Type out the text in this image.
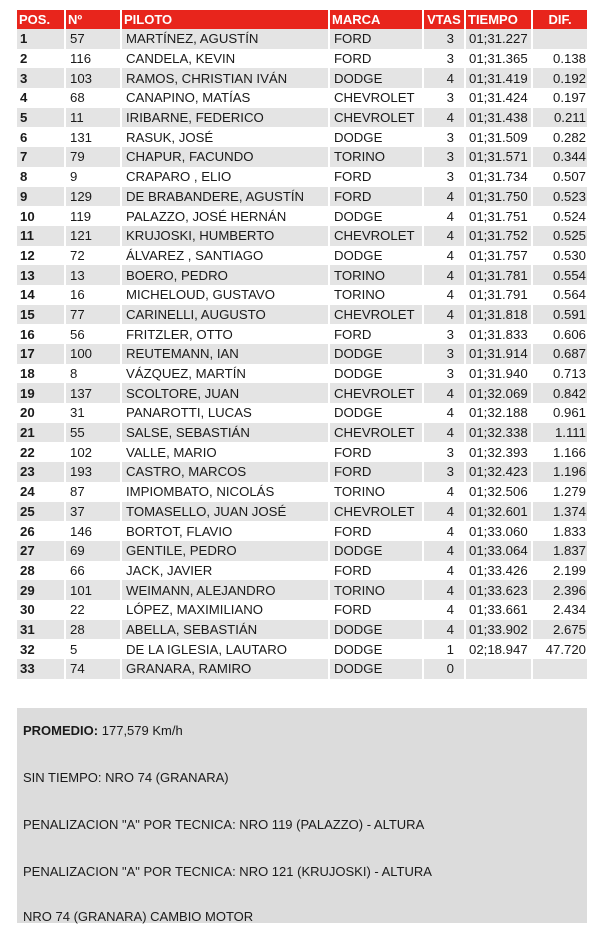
POS.	Nº	PILOTO	MARCA	VTAS	TIEMPO	DIF.
1	57	MARTÍNEZ, AGUSTÍN	FORD	3	01;31.227	
2	116	CANDELA, KEVIN	FORD	3	01;31.365	0.138
3	103	RAMOS, CHRISTIAN IVÁN	DODGE	4	01;31.419	0.192
4	68	CANAPINO, MATÍAS	CHEVROLET	3	01;31.424	0.197
5	11	IRIBARNE, FEDERICO	CHEVROLET	4	01;31.438	0.211
6	131	RASUK, JOSÉ	DODGE	3	01;31.509	0.282
7	79	CHAPUR, FACUNDO	TORINO	3	01;31.571	0.344
8	9	CRAPARO , ELIO	FORD	3	01;31.734	0.507
9	129	DE BRABANDERE, AGUSTÍN	FORD	4	01;31.750	0.523
10	119	PALAZZO, JOSÉ HERNÁN	DODGE	4	01;31.751	0.524
11	121	KRUJOSKI, HUMBERTO	CHEVROLET	4	01;31.752	0.525
12	72	ÁLVAREZ , SANTIAGO	DODGE	4	01;31.757	0.530
13	13	BOERO, PEDRO	TORINO	4	01;31.781	0.554
14	16	MICHELOUD, GUSTAVO	TORINO	4	01;31.791	0.564
15	77	CARINELLI, AUGUSTO	CHEVROLET	4	01;31.818	0.591
16	56	FRITZLER, OTTO	FORD	3	01;31.833	0.606
17	100	REUTEMANN, IAN	DODGE	3	01;31.914	0.687
18	8	VÁZQUEZ, MARTÍN	DODGE	3	01;31.940	0.713
19	137	SCOLTORE, JUAN	CHEVROLET	4	01;32.069	0.842
20	31	PANAROTTI, LUCAS	DODGE	4	01;32.188	0.961
21	55	SALSE, SEBASTIÁN	CHEVROLET	4	01;32.338	1.111
22	102	VALLE, MARIO	FORD	3	01;32.393	1.166
23	193	CASTRO, MARCOS	FORD	3	01;32.423	1.196
24	87	IMPIOMBATO, NICOLÁS	TORINO	4	01;32.506	1.279
25	37	TOMASELLO, JUAN JOSÉ	CHEVROLET	4	01;32.601	1.374
26	146	BORTOT, FLAVIO	FORD	4	01;33.060	1.833
27	69	GENTILE, PEDRO	DODGE	4	01;33.064	1.837
28	66	JACK, JAVIER	FORD	4	01;33.426	2.199
29	101	WEIMANN, ALEJANDRO	TORINO	4	01;33.623	2.396
30	22	LÓPEZ, MAXIMILIANO	FORD	4	01;33.661	2.434
31	28	ABELLA, SEBASTIÁN	DODGE	4	01;33.902	2.675
32	5	DE LA IGLESIA, LAUTARO	DODGE	1	02;18.947	47.720
33	74	GRANARA, RAMIRO	DODGE	0		
PROMEDIO: 177,579 Km/h
SIN TIEMPO: NRO 74 (GRANARA)
PENALIZACION "A" POR TECNICA: NRO 119 (PALAZZO) - ALTURA
PENALIZACION "A" POR TECNICA: NRO 121 (KRUJOSKI) - ALTURA
NRO 74 (GRANARA) CAMBIO MOTOR
